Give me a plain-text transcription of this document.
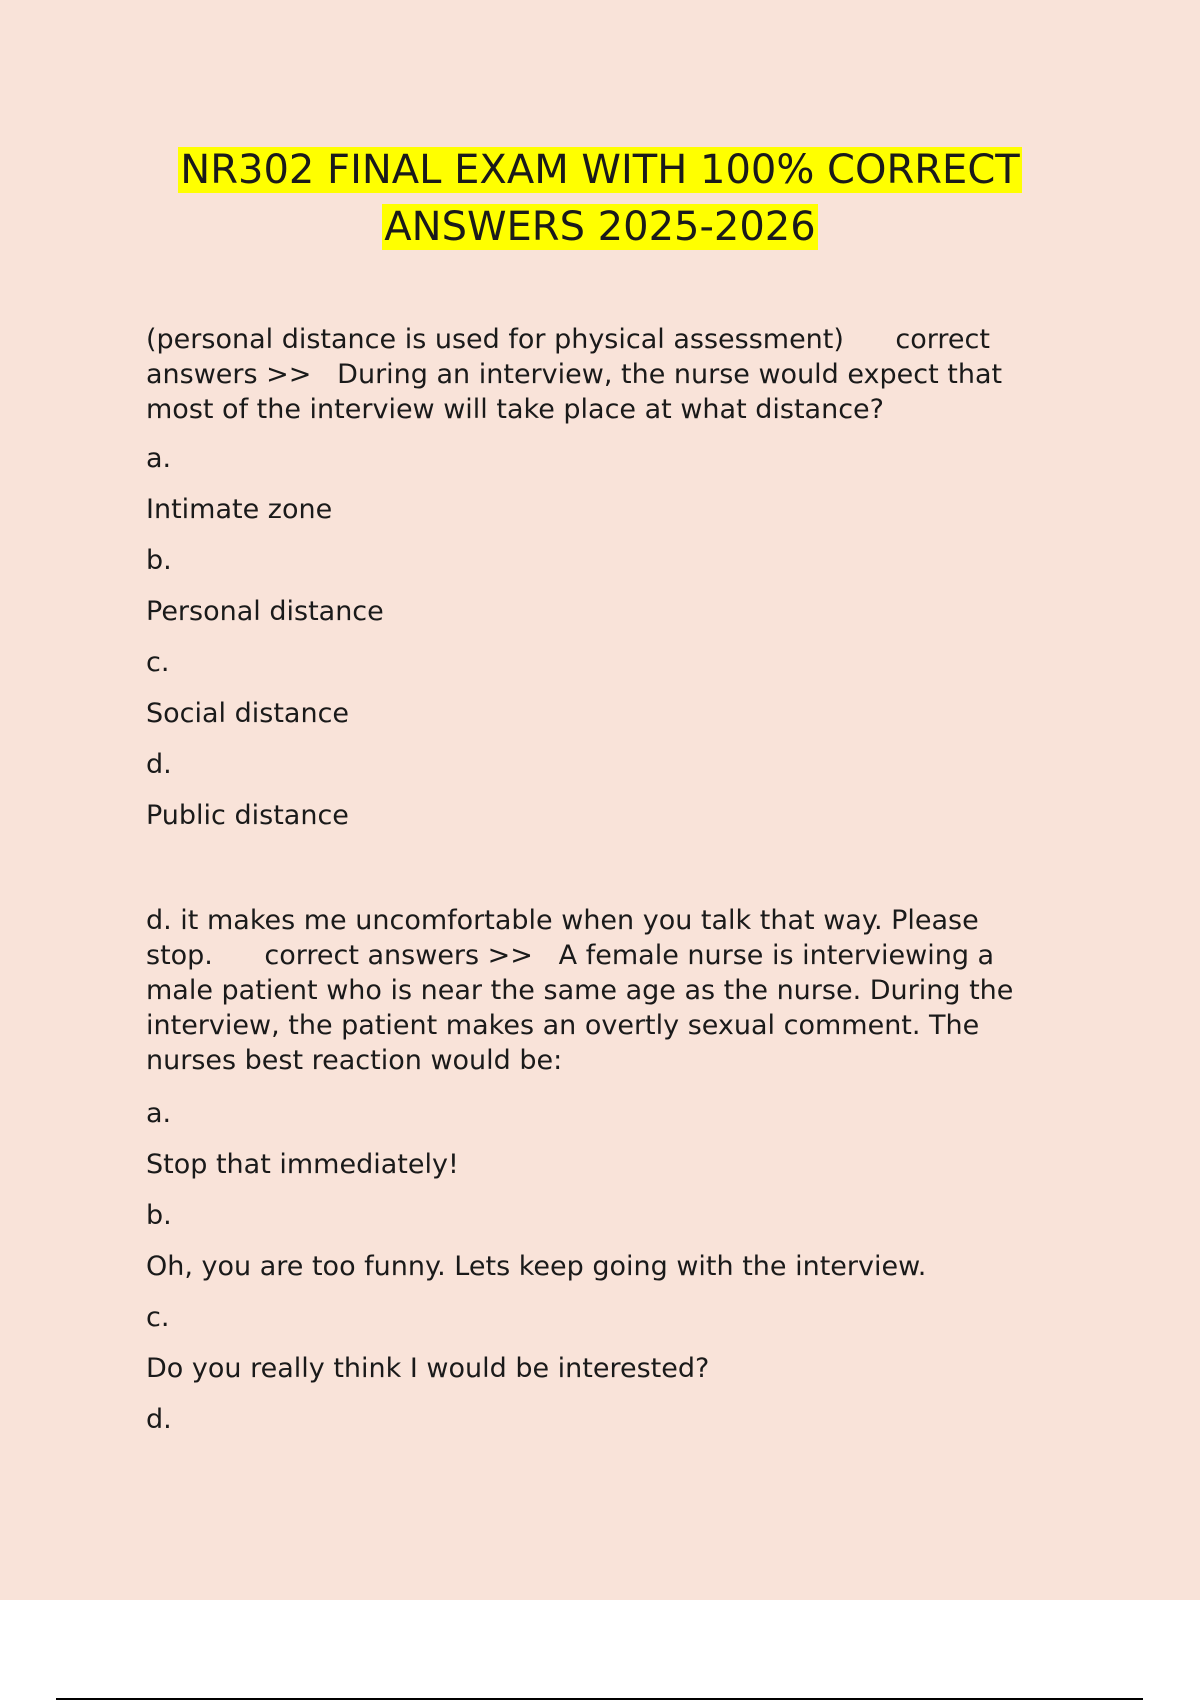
NR302 FINAL EXAM WITH 100% CORRECT
ANSWERS 2025-2026

(personal distance is used for physical assessment)      correct
answers >>   During an interview, the nurse would expect that
most of the interview will take place at what distance?

a.

Intimate zone

b.

Personal distance

c.

Social distance

d.

Public distance

d. it makes me uncomfortable when you talk that way. Please
stop.      correct answers >>   A female nurse is interviewing a
male patient who is near the same age as the nurse. During the
interview, the patient makes an overtly sexual comment. The
nurses best reaction would be:

a.

Stop that immediately!

b.

Oh, you are too funny. Lets keep going with the interview.

c.

Do you really think I would be interested?

d.
